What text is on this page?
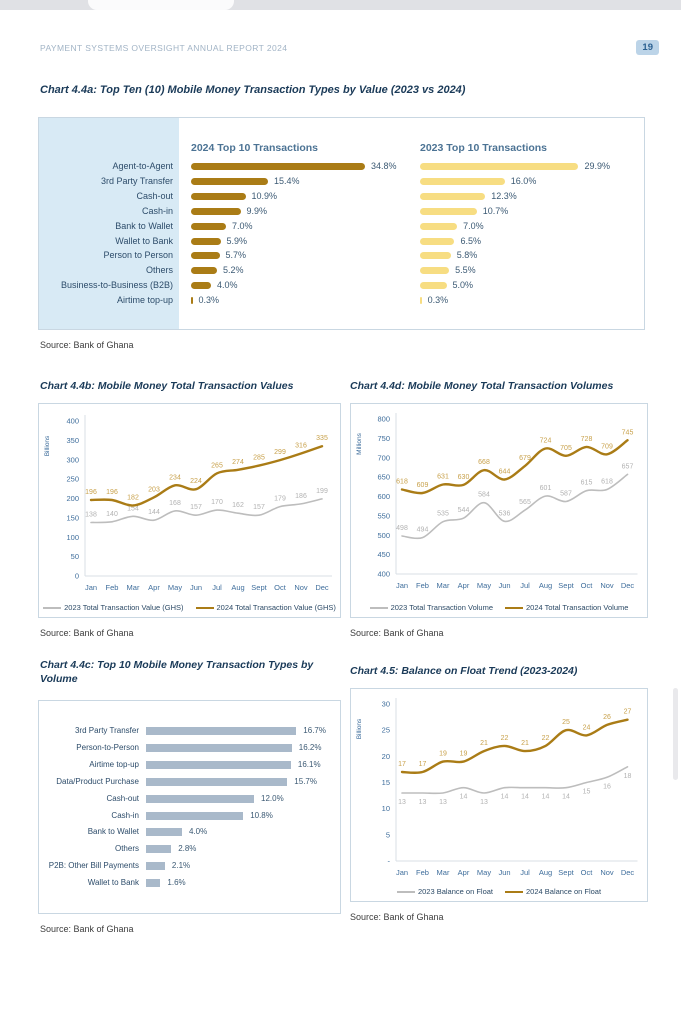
PAYMENT SYSTEMS OVERSIGHT ANNUAL REPORT 2024	19
Chart 4.4a: Top Ten (10) Mobile Money Transaction Types by Value (2023 vs 2024)
2024 Top 10 Transactions	2023 Top 10 Transactions
Agent-to-Agent	34.8%	29.9%
3rd Party Transfer	15.4%	16.0%
Cash-out	10.9%	12.3%
Cash-in	9.9%	10.7%
Bank to Wallet	7.0%	7.0%
Wallet to Bank	5.9%	6.5%
Person to Person	5.7%	5.8%
Others	5.2%	5.5%
Business-to-Business (B2B)	4.0%	5.0%
Airtime top-up	0.3%	0.3%
Source: Bank of Ghana
Chart 4.4b: Mobile Money Total Transaction Values
400
350
300
250
200
150
100
50
0
Billions
Jan Feb Mar Apr May Jun Jul Aug Sept Oct Nov Dec
138 140
154
144
168
157
170 162 157
179 186
199
196 196
182
203
234
224
265 274
285
299
316
335
2023 Total Transaction Value (GHS)	2024 Total Transaction Value (GHS)
Source: Bank of Ghana
Chart 4.4d: Mobile Money Total Transaction Volumes
800
750
700
650
600
550
500
450
400
Millions
Jan Feb Mar Apr May Jun Jul Aug Sept Oct Nov Dec
498 494
535 544
584
536
565
601
587
615 618
657
618 609
631 630
668
644
679
724
705
728
709
745
2023 Total Transaction Volume	2024 Total Transaction Volume
Source: Bank of Ghana
Chart 4.4c: Top 10 Mobile Money Transaction Types by Volume
3rd Party Transfer	16.7%
Person-to-Person	16.2%
Airtime top-up	16.1%
Data/Product Purchase	15.7%
Cash-out	12.0%
Cash-in	10.8%
Bank to Wallet	4.0%
Others	2.8%
P2B: Other Bill Payments	2.1%
Wallet to Bank	1.6%
Source: Bank of Ghana
Chart 4.5: Balance on Float Trend (2023-2024)
30
25
20
15
10
5
-
Billions
Jan Feb Mar Apr May Jun Jul Aug Sept Oct Nov Dec
13 13 13
14
13
14 14 14 14
15
16
18
17 17
19 19
21
22
21
22
25
24
26
27
2023 Balance on Float	2024 Balance on Float
Source: Bank of Ghana
